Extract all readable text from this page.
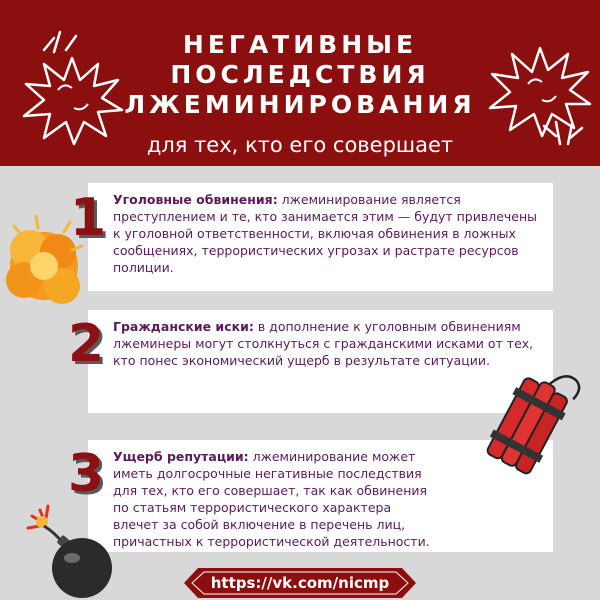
НЕГАТИВНЫЕ
ПОСЛЕДСТВИЯ
ЛЖЕМИНИРОВАНИЯ
для тех, кто его совершает
Уголовные обвинения: лжеминирование является преступлением и те, кто занимается этим — будут привлечены к уголовной ответственности, включая обвинения в ложных сообщениях, террористических угрозах и растрате ресурсов полиции.
Гражданские иски: в дополнение к уголовным обвинениям лжеминеры могут столкнуться с гражданскими исками от тех, кто понес экономический ущерб в результате ситуации.
Ущерб репутации: лжеминирование может иметь долгосрочные негативные последствия для тех, кто его совершает, так как обвинения по статьям террористического характера влечет за собой включение в перечень лиц, причастных к террористической деятельности.
1
2
3
https://vk.com/nicmp
